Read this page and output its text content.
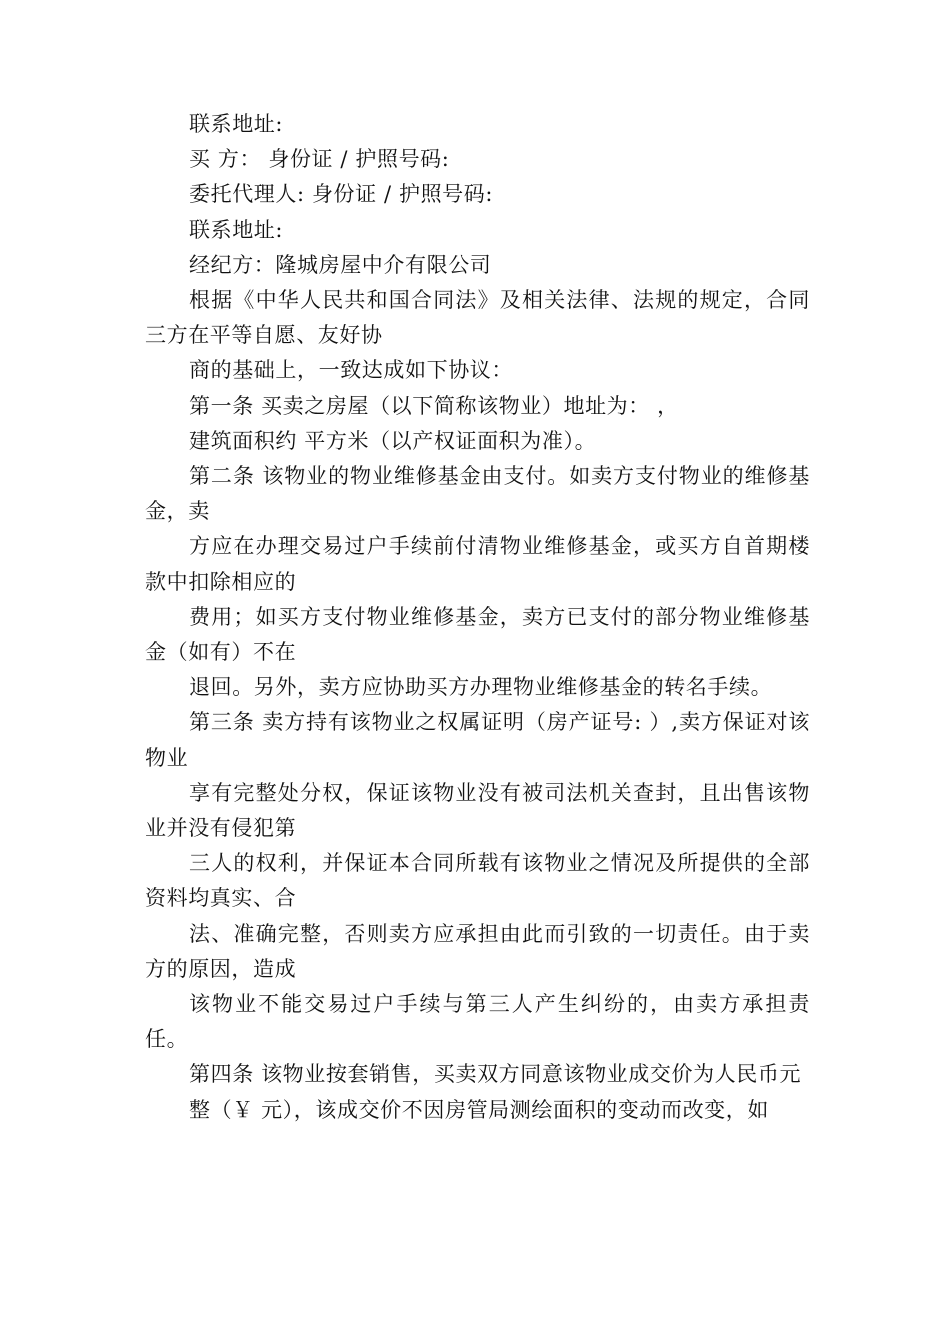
联系地址:

买 方： 身份证 / 护照号码:

委托代理人: 身份证 / 护照号码:

联系地址:

经纪方：隆城房屋中介有限公司

根据《中华人民共和国合同法》及相关法律、法规的规定，合同三方在平等自愿、友好协

商的基础上，一致达成如下协议：

第一条 买卖之房屋（以下简称该物业）地址为： ，

建筑面积约 平方米（以产权证面积为准）。

第二条 该物业的物业维修基金由支付。如卖方支付物业的维修基金，卖

方应在办理交易过户手续前付清物业维修基金，或买方自首期楼款中扣除相应的

费用；如买方支付物业维修基金，卖方已支付的部分物业维修基金（如有）不在

退回。另外，卖方应协助买方办理物业维修基金的转名手续。

第三条 卖方持有该物业之权属证明（房产证号: ）,卖方保证对该物业

享有完整处分权，保证该物业没有被司法机关查封，且出售该物业并没有侵犯第

三人的权利，并保证本合同所载有该物业之情况及所提供的全部资料均真实、合

法、准确完整，否则卖方应承担由此而引致的一切责任。由于卖方的原因，造成

该物业不能交易过户手续与第三人产生纠纷的，由卖方承担责任。

第四条 该物业按套销售，买卖双方同意该物业成交价为人民币元

整（￥ 元），该成交价不因房管局测绘面积的变动而改变，如
